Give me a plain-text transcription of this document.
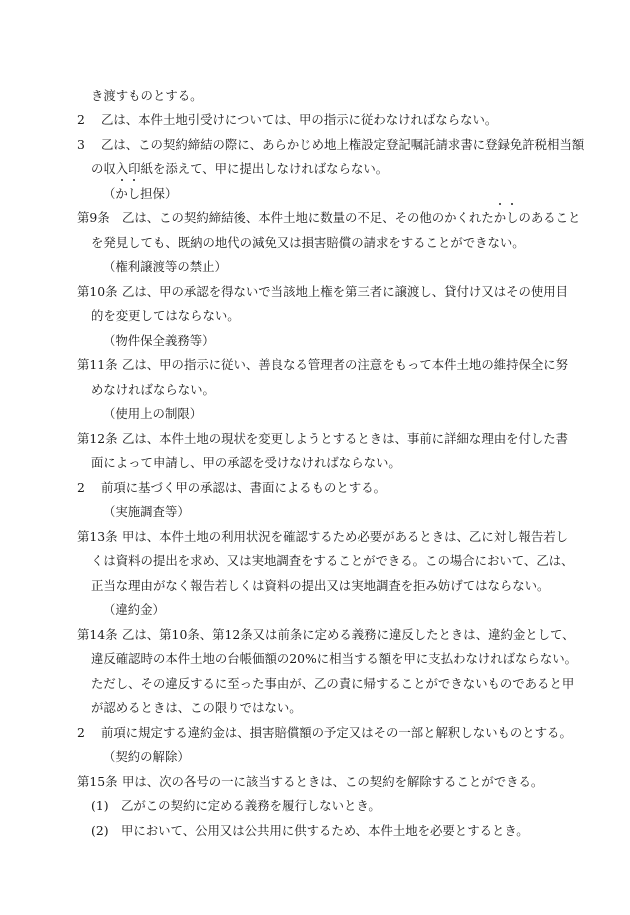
き渡すものとする。
2 乙は、本件土地引受けについては、甲の指示に従わなければならない。
3 乙は、この契約締結の際に、あらかじめ地上権設定登記嘱託請求書に登録免許税相当額
の収入印紙を添えて、甲に提出しなければならない。
（
か
し担保）
第9条 乙は、この契約締結後、本件土地に数量の不足、その他のかくれた
か
しのあること
を発見しても、既納の地代の減免又は損害賠償の請求をすることができない。
（権利譲渡等の禁止）
第10条 乙は、甲の承認を得ないで当該地上権を第三者に譲渡し、貸付け又はその使用目
的を変更してはならない。
（物件保全義務等）
第11条 乙は、甲の指示に従い、善良なる管理者の注意をもって本件土地の維持保全に努
めなければならない。
（使用上の制限）
第12条 乙は、本件土地の現状を変更しようとするときは、事前に詳細な理由を付した書
面によって申請し、甲の承認を受けなければならない。
2 前項に基づく甲の承認は、書面によるものとする。
（実施調査等）
第13条 甲は、本件土地の利用状況を確認するため必要があるときは、乙に対し報告若し
くは資料の提出を求め、又は実地調査をすることができる。この場合において、乙は、
正当な理由がなく報告若しくは資料の提出又は実地調査を拒み妨げてはならない。
（違約金）
第14条 乙は、第10条、第12条又は前条に定める義務に違反したときは、違約金として、
違反確認時の本件土地の台帳価額の20%に相当する額を甲に支払わなければならない。
ただし、その違反するに至った事由が、乙の責に帰することができないものであると甲
が認めるときは、この限りではない。
2 前項に規定する違約金は、損害賠償額の予定又はその一部と解釈しないものとする。
（契約の解除）
第15条 甲は、次の各号の一に該当するときは、この契約を解除することができる。
(1) 乙がこの契約に定める義務を履行しないとき。
(2) 甲において、公用又は公共用に供するため、本件土地を必要とするとき。
